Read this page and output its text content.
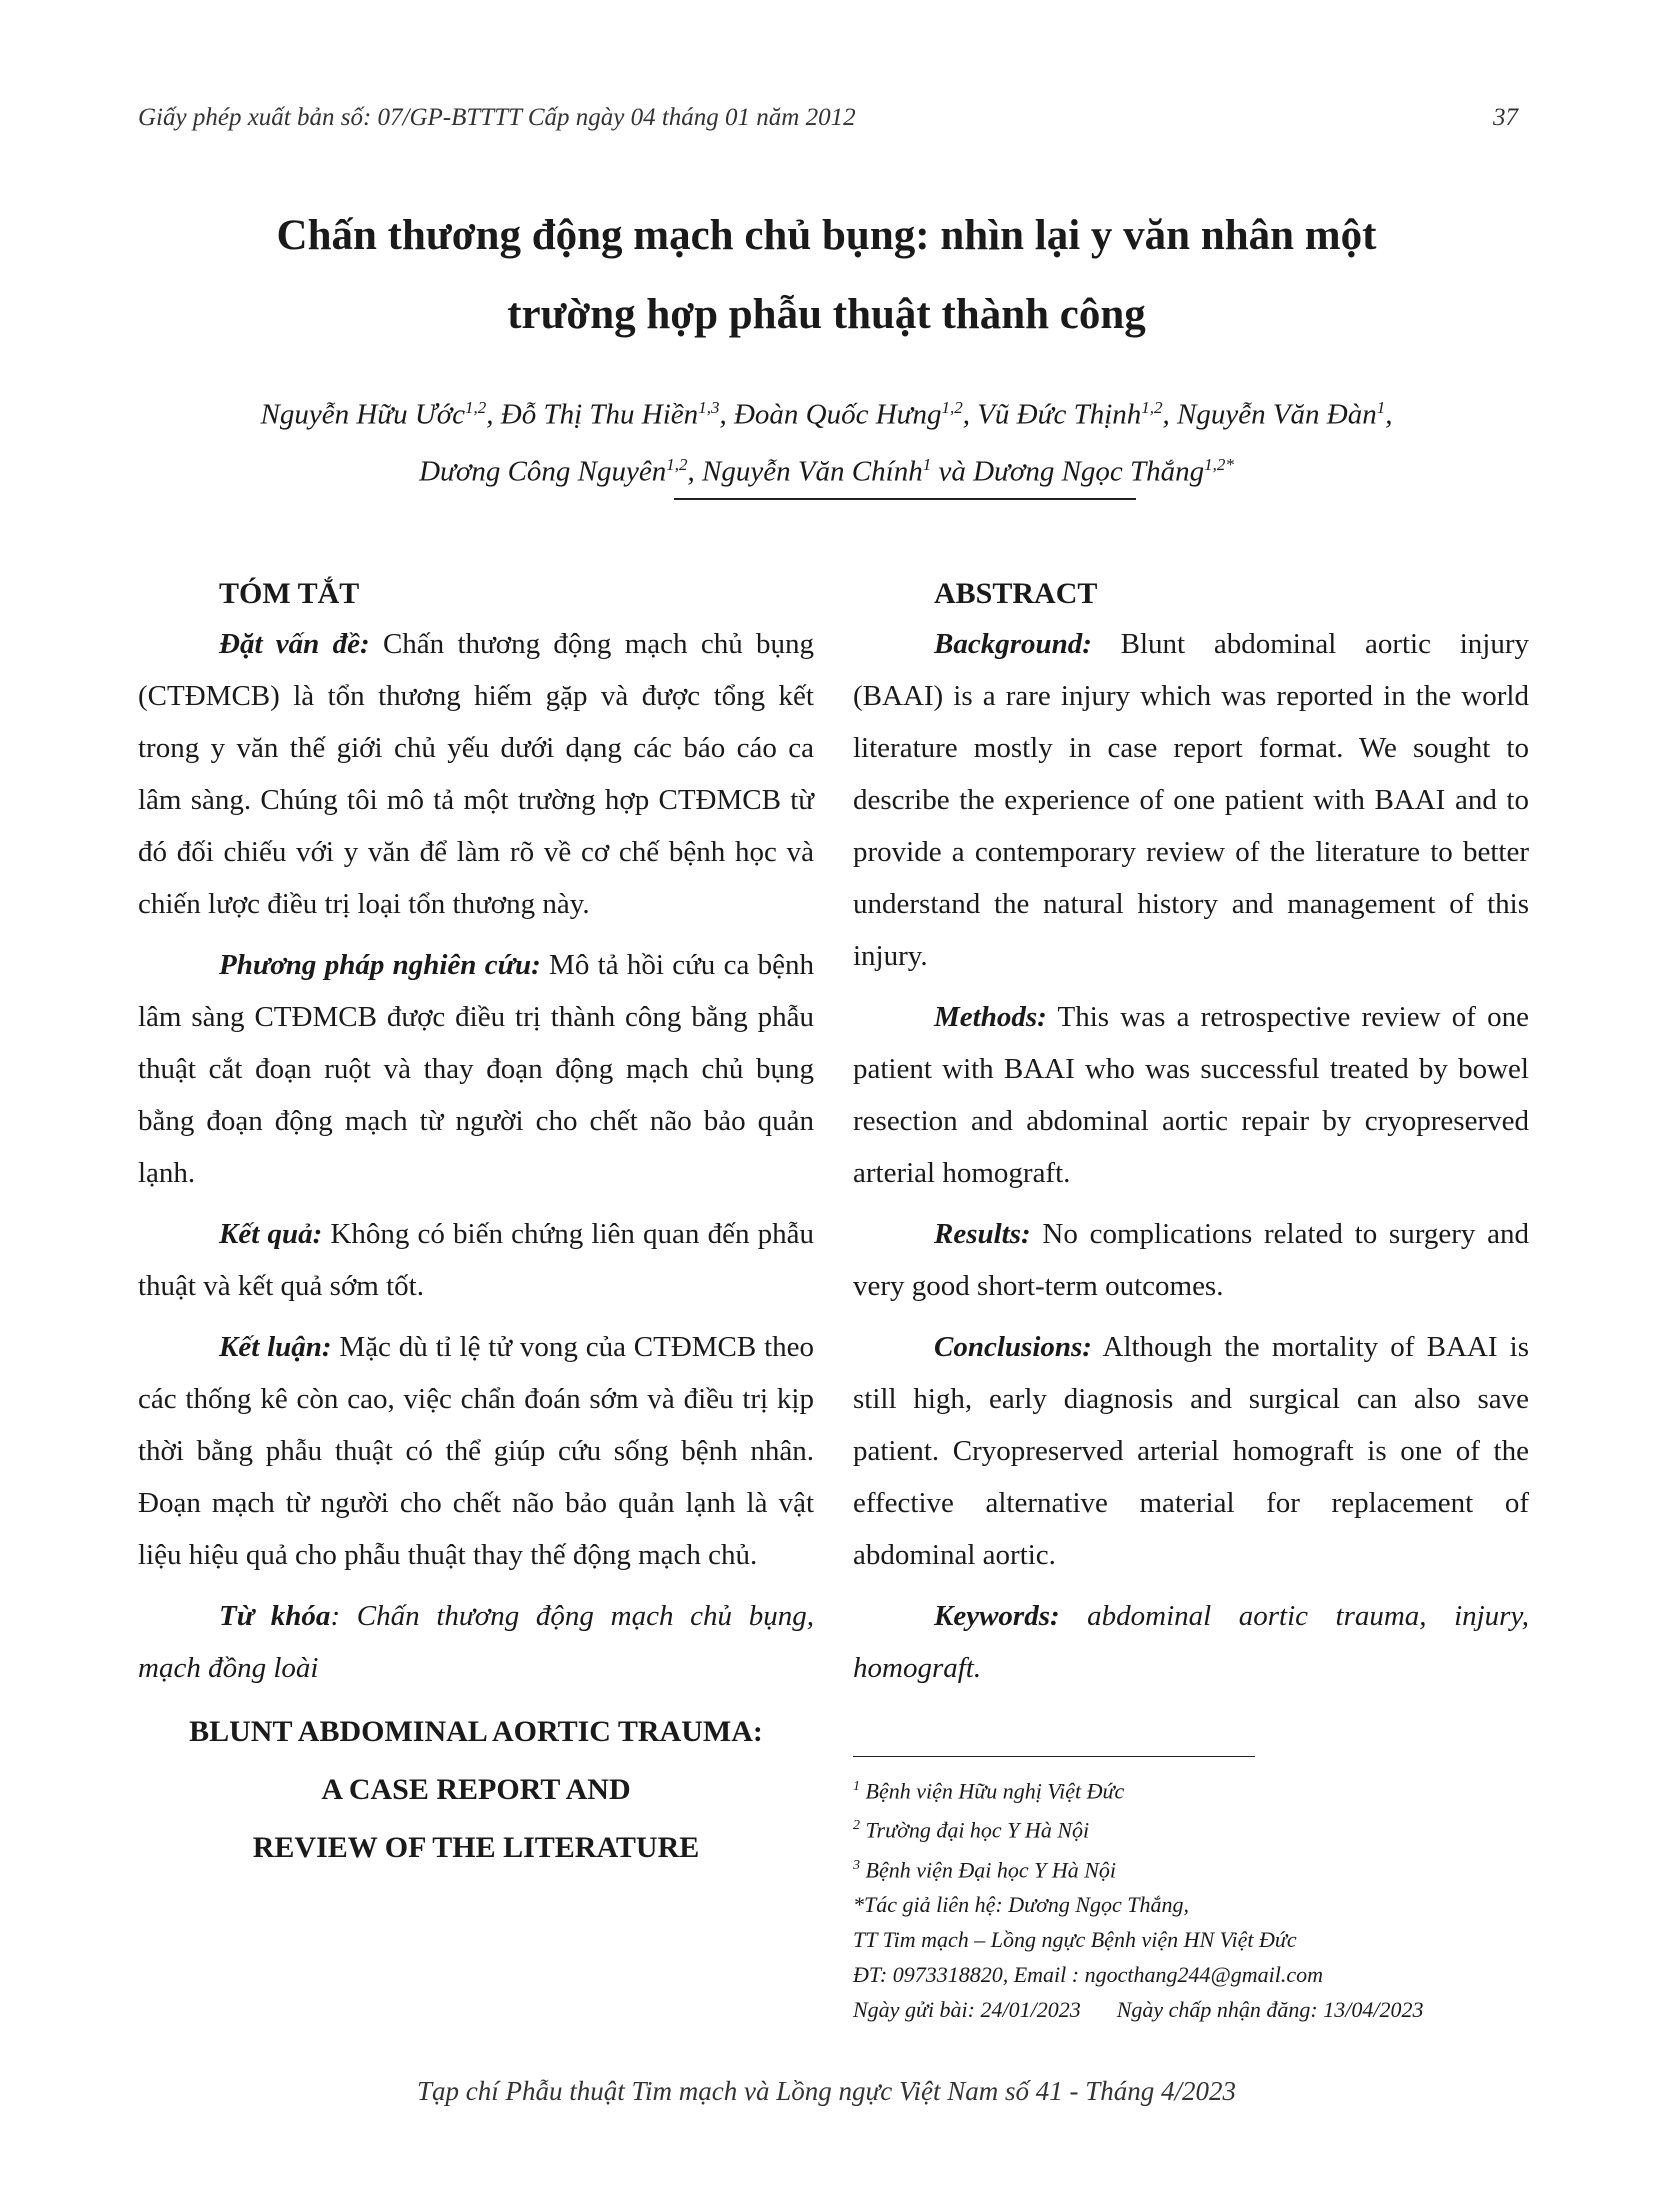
Giấy phép xuất bản số: 07/GP-BTTTT Cấp ngày 04 tháng 01 năm 2012	37
Chấn thương động mạch chủ bụng: nhìn lại y văn nhân một
trường hợp phẫu thuật thành công
Nguyễn Hữu Ước$^{1,2}$, Đỗ Thị Thu Hiền$^{1,3}$, Đoàn Quốc Hưng$^{1,2}$, Vũ Đức Thịnh$^{1,2}$, Nguyễn Văn Đàn$^1$,
Dương Công Nguyên$^{1,2}$, Nguyễn Văn Chính$^1$ và Dương Ngọc Thắng$^{1,2*}$
TÓM TẮT

Đặt vấn đề: Chấn thương động mạch chủ bụng (CTĐMCB) là tổn thương hiếm gặp và được tổng kết trong y văn thế giới chủ yếu dưới dạng các báo cáo ca lâm sàng. Chúng tôi mô tả một trường hợp CTĐMCB từ đó đối chiếu với y văn để làm rõ về cơ chế bệnh học và chiến lược điều trị loại tổn thương này.

Phương pháp nghiên cứu: Mô tả hồi cứu ca bệnh lâm sàng CTĐMCB được điều trị thành công bằng phẫu thuật cắt đoạn ruột và thay đoạn động mạch chủ bụng bằng đoạn động mạch từ người cho chết não bảo quản lạnh.

Kết quả: Không có biến chứng liên quan đến phẫu thuật và kết quả sớm tốt.

Kết luận: Mặc dù tỉ lệ tử vong của CTĐMCB theo các thống kê còn cao, việc chẩn đoán sớm và điều trị kịp thời bằng phẫu thuật có thể giúp cứu sống bệnh nhân. Đoạn mạch từ người cho chết não bảo quản lạnh là vật liệu hiệu quả cho phẫu thuật thay thế động mạch chủ.

Từ khóa: Chấn thương động mạch chủ bụng, mạch đồng loài

BLUNT ABDOMINAL AORTIC TRAUMA:
A CASE REPORT AND
REVIEW OF THE LITERATURE
ABSTRACT

Background: Blunt abdominal aortic injury (BAAI) is a rare injury which was reported in the world literature mostly in case report format. We sought to describe the experience of one patient with BAAI and to provide a contemporary review of the literature to better understand the natural history and management of this injury.

Methods: This was a retrospective review of one patient with BAAI who was successful treated by bowel resection and abdominal aortic repair by cryopreserved arterial homograft.

Results: No complications related to surgery and very good short-term outcomes.

Conclusions: Although the mortality of BAAI is still high, early diagnosis and surgical can also save patient. Cryopreserved arterial homograft is one of the effective alternative material for replacement of abdominal aortic.

Keywords: abdominal aortic trauma, injury, homograft.

$^1$ Bệnh viện Hữu nghị Việt Đức
$^2$ Trường đại học Y Hà Nội
$^3$ Bệnh viện Đại học Y Hà Nội
*Tác giả liên hệ: Dương Ngọc Thắng,
TT Tim mạch – Lồng ngực Bệnh viện HN Việt Đức
ĐT: 0973318820, Email : ngocthang244@gmail.com
Ngày gửi bài: 24/01/2023 Ngày chấp nhận đăng: 13/04/2023
Tạp chí Phẫu thuật Tim mạch và Lồng ngực Việt Nam số 41 - Tháng 4/2023
